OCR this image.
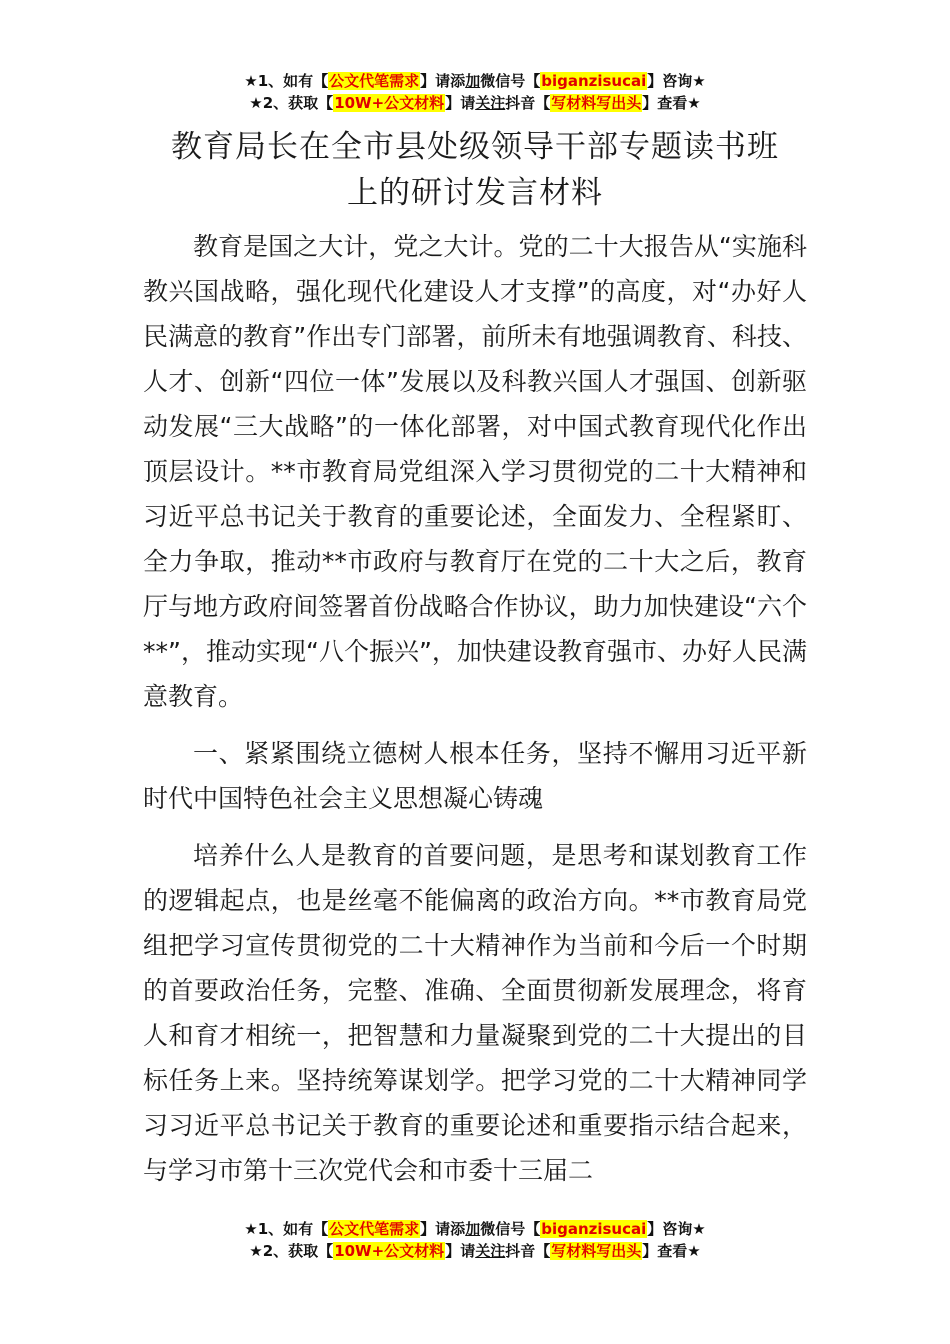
★1、如有【公文代笔需求】请添加微信号【biganzisucai】咨询★
★2、获取【10W+公文材料】请关注抖音【写材料写出头】查看★
教育局长在全市县处级领导干部专题读书班
上的研讨发言材料

教育是国之大计，党之大计。党的二十大报告从“实施科教兴国战略，强化现代化建设人才支撑”的高度，对“办好人民满意的教育”作出专门部署，前所未有地强调教育、科技、人才、创新“四位一体”发展以及科教兴国人才强国、创新驱动发展“三大战略”的一体化部署，对中国式教育现代化作出顶层设计。**市教育局党组深入学习贯彻党的二十大精神和习近平总书记关于教育的重要论述，全面发力、全程紧盯、全力争取，推动**市政府与教育厅在党的二十大之后，教育厅与地方政府间签署首份战略合作协议，助力加快建设“六个**”，推动实现“八个振兴”，加快建设教育强市、办好人民满意教育。

一、紧紧围绕立德树人根本任务，坚持不懈用习近平新时代中国特色社会主义思想凝心铸魂

培养什么人是教育的首要问题，是思考和谋划教育工作的逻辑起点，也是丝毫不能偏离的政治方向。**市教育局党组把学习宣传贯彻党的二十大精神作为当前和今后一个时期的首要政治任务，完整、准确、全面贯彻新发展理念，将育人和育才相统一，把智慧和力量凝聚到党的二十大提出的目标任务上来。坚持统筹谋划学。把学习党的二十大精神同学习习近平总书记关于教育的重要论述和重要指示结合起来，与学习市第十三次党代会和市委十三届二

★1、如有【公文代笔需求】请添加微信号【biganzisucai】咨询★
★2、获取【10W+公文材料】请关注抖音【写材料写出头】查看★
